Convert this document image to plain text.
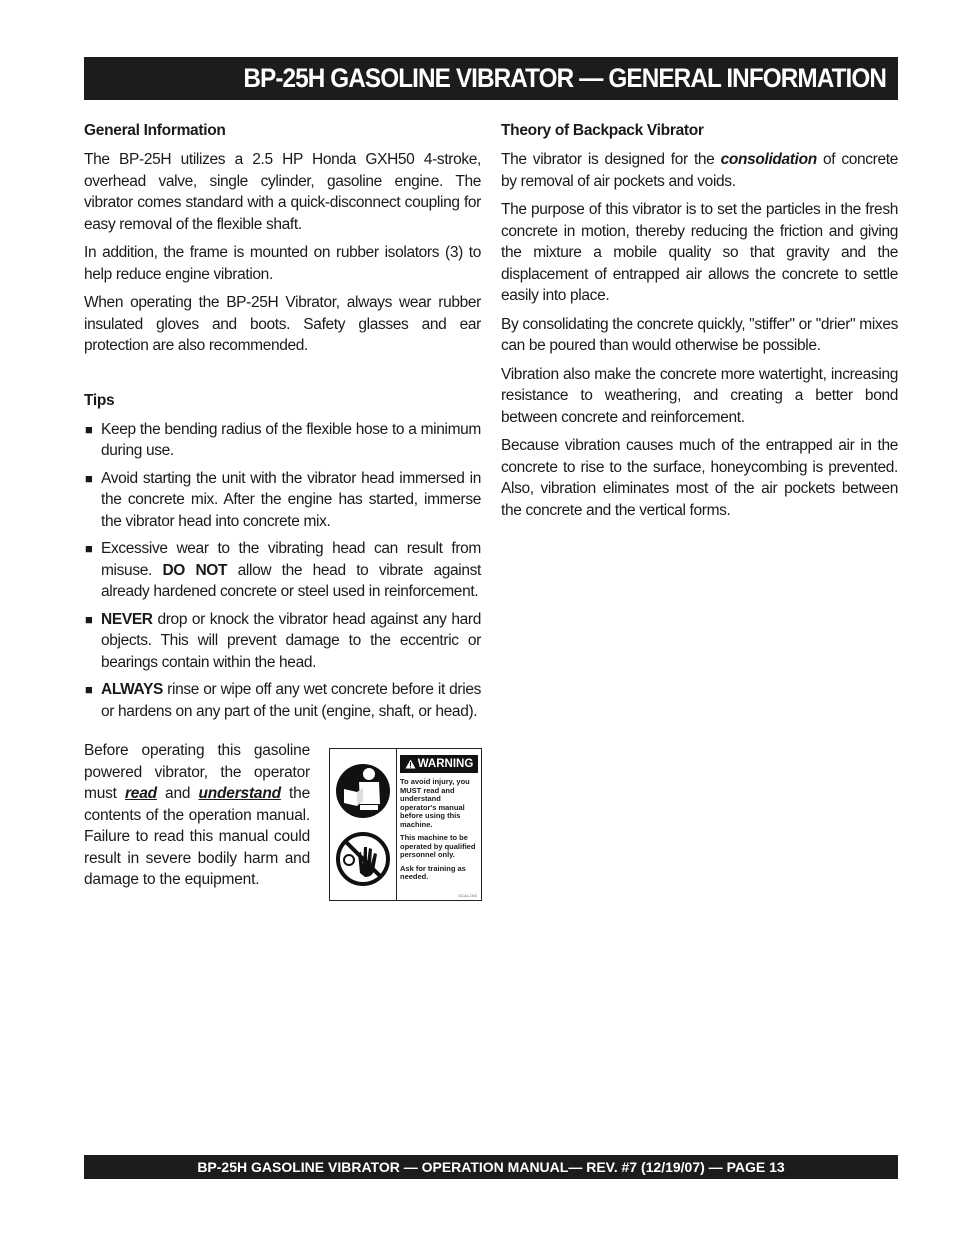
BP-25H GASOLINE VIBRATOR — GENERAL INFORMATION
General Information

The BP-25H utilizes a 2.5 HP Honda GXH50 4-stroke, overhead valve, single cylinder, gasoline engine. The vibrator comes standard with a quick-disconnect coupling for easy removal of the flexible shaft.

In addition, the frame is mounted on rubber isolators (3) to help reduce engine vibration.

When operating the BP-25H Vibrator, always wear rubber insulated gloves and boots. Safety glasses and ear protection are also recommended.

Tips
■ Keep the bending radius of the flexible hose to a minimum during use.
■ Avoid starting the unit with the vibrator head immersed in the concrete mix. After the engine has started, immerse the vibrator head into concrete mix.
■ Excessive wear to the vibrating head can result from misuse. DO NOT allow the head to vibrate against already hardened concrete or steel used in reinforcement.
■ NEVER drop or knock the vibrator head against any hard objects. This will prevent damage to the eccentric or bearings contain within the head.
■ ALWAYS rinse or wipe off any wet concrete before it dries or hardens on any part of the unit (engine, shaft, or head).
Before operating this gasoline powered vibrator, the operator must read and understand the contents of the operation manual. Failure to read this manual could result in severe bodily harm and damage to the equipment.
WARNING
To avoid injury, you MUST read and understand operator's manual before using this machine.
This machine to be operated by qualified personnel only.
Ask for training as needed.
DCAL-002
Theory of Backpack Vibrator

The vibrator is designed for the consolidation of concrete by removal of air pockets and voids.

The purpose of this vibrator is to set the particles in the fresh concrete in motion, thereby reducing the friction and giving the mixture a mobile quality so that gravity and the displacement of entrapped air allows the concrete to settle easily into place.

By consolidating the concrete quickly, "stiffer" or "drier" mixes can be poured than would otherwise be possible.

Vibration also make the concrete more watertight, increasing resistance to weathering, and creating a better bond between concrete and reinforcement.

Because vibration causes much of the entrapped air in the concrete to rise to the surface, honeycombing is prevented. Also, vibration eliminates most of the air pockets between the concrete and the vertical forms.

BP-25H GASOLINE VIBRATOR — OPERATION MANUAL— REV. #7 (12/19/07) — PAGE 13
